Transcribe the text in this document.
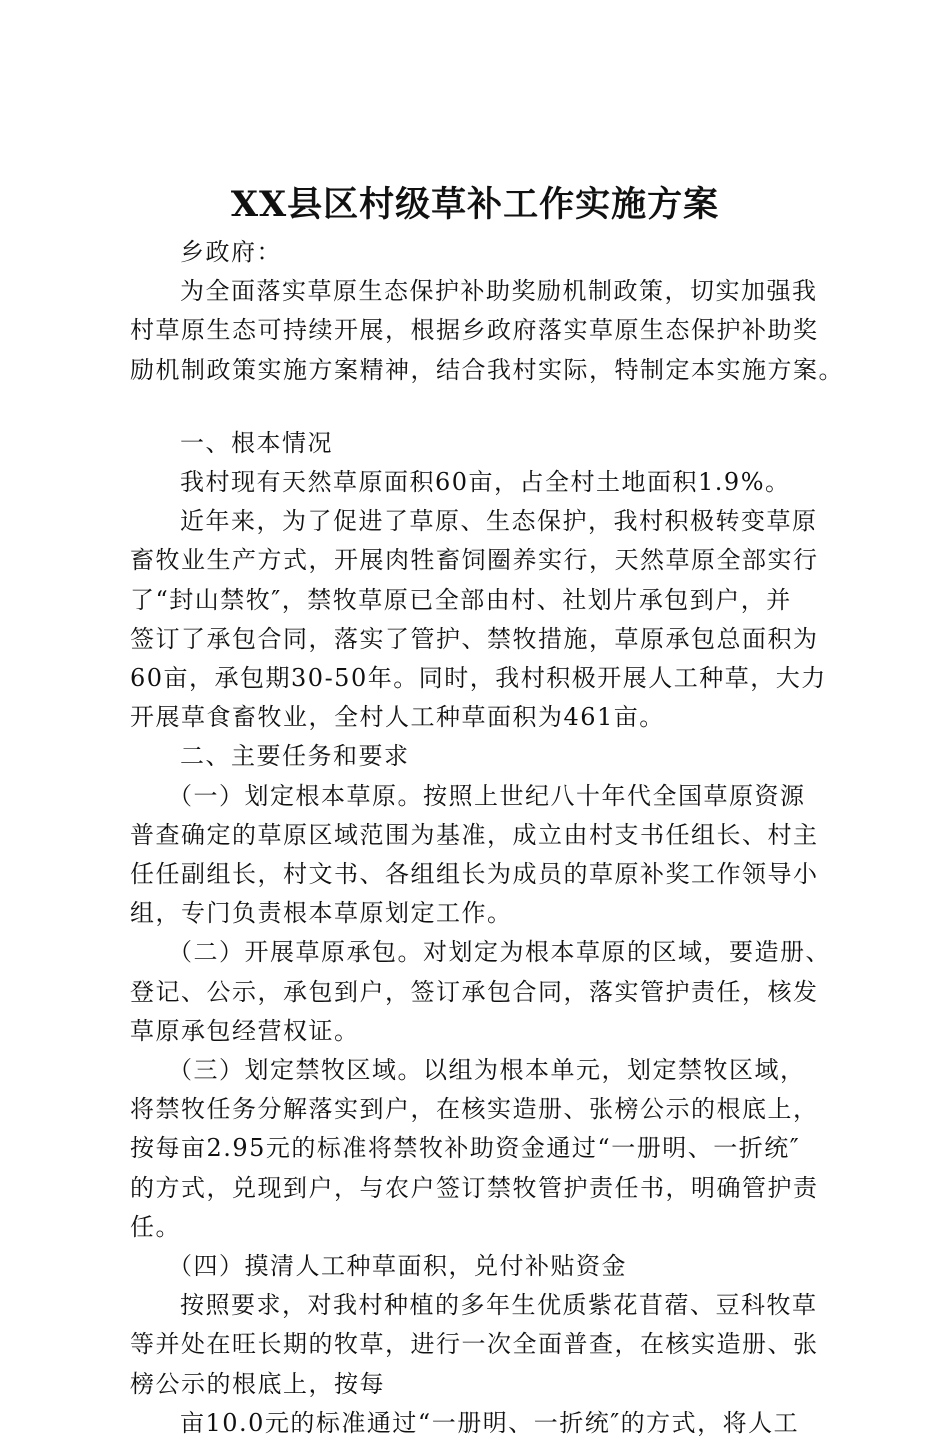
XX县区村级草补工作实施方案
乡政府：
为全面落实草原生态保护补助奖励机制政策，切实加强我
村草原生态可持续开展，根据乡政府落实草原生态保护补助奖
励机制政策实施方案精神，结合我村实际，特制定本实施方案。
一、根本情况
我村现有天然草原面积60亩，占全村土地面积1.9%。
近年来，为了促进了草原、生态保护，我村积极转变草原
畜牧业生产方式，开展肉牲畜饲圈养实行，天然草原全部实行
了“封山禁牧″，禁牧草原已全部由村、社划片承包到户，并
签订了承包合同，落实了管护、禁牧措施，草原承包总面积为
60亩，承包期30-50年。同时，我村积极开展人工种草，大力
开展草食畜牧业，全村人工种草面积为461亩。
二、主要任务和要求
（一）划定根本草原。按照上世纪八十年代全国草原资源
普查确定的草原区域范围为基准，成立由村支书任组长、村主
任任副组长，村文书、各组组长为成员的草原补奖工作领导小
组，专门负责根本草原划定工作。
（二）开展草原承包。对划定为根本草原的区域，要造册、
登记、公示，承包到户，签订承包合同，落实管护责任，核发
草原承包经营权证。
（三）划定禁牧区域。以组为根本单元，划定禁牧区域，
将禁牧任务分解落实到户，在核实造册、张榜公示的根底上，
按每亩2.95元的标准将禁牧补助资金通过“一册明、一折统″
的方式，兑现到户，与农户签订禁牧管护责任书，明确管护责
任。
（四）摸清人工种草面积，兑付补贴资金
按照要求，对我村种植的多年生优质紫花苜蓿、豆科牧草
等并处在旺长期的牧草，进行一次全面普查，在核实造册、张
榜公示的根底上，按每
亩10.0元的标准通过“一册明、一折统″的方式，将人工
